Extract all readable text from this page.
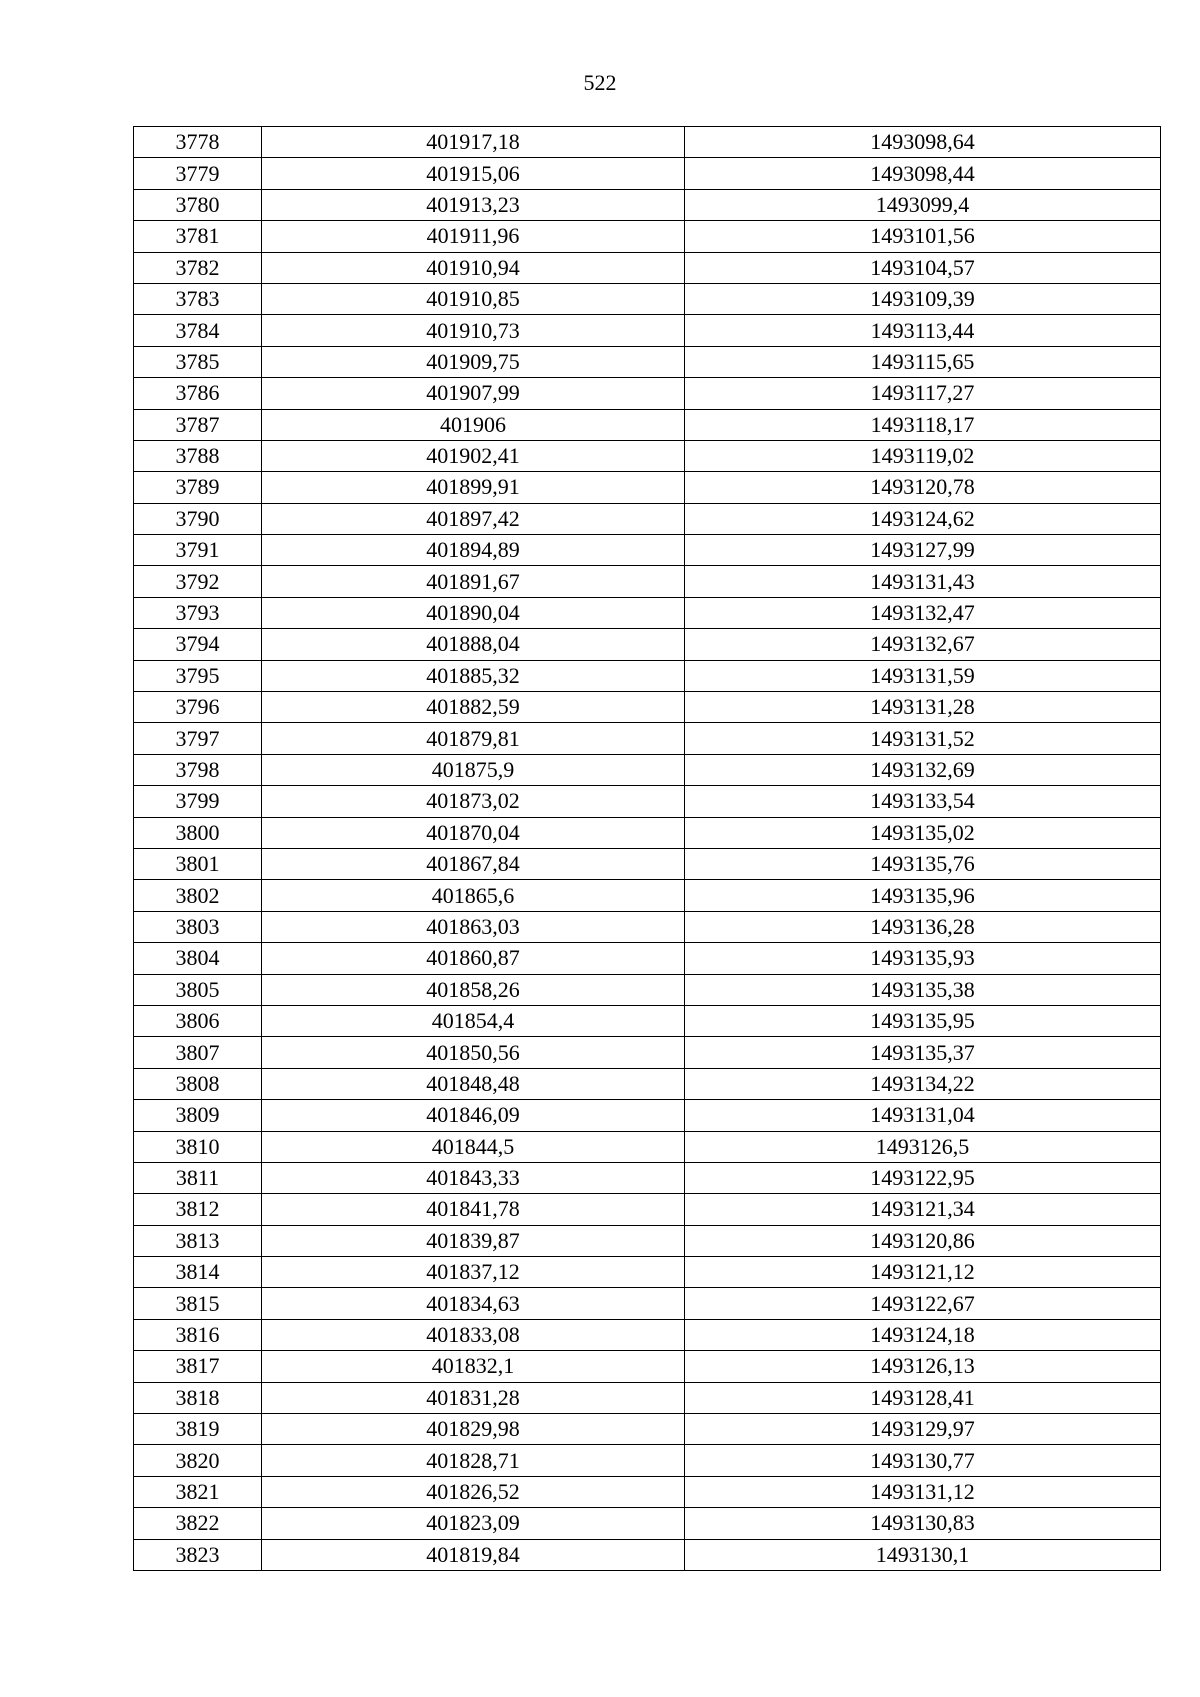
522
3778	401917,18	1493098,64
3779	401915,06	1493098,44
3780	401913,23	1493099,4
3781	401911,96	1493101,56
3782	401910,94	1493104,57
3783	401910,85	1493109,39
3784	401910,73	1493113,44
3785	401909,75	1493115,65
3786	401907,99	1493117,27
3787	401906	1493118,17
3788	401902,41	1493119,02
3789	401899,91	1493120,78
3790	401897,42	1493124,62
3791	401894,89	1493127,99
3792	401891,67	1493131,43
3793	401890,04	1493132,47
3794	401888,04	1493132,67
3795	401885,32	1493131,59
3796	401882,59	1493131,28
3797	401879,81	1493131,52
3798	401875,9	1493132,69
3799	401873,02	1493133,54
3800	401870,04	1493135,02
3801	401867,84	1493135,76
3802	401865,6	1493135,96
3803	401863,03	1493136,28
3804	401860,87	1493135,93
3805	401858,26	1493135,38
3806	401854,4	1493135,95
3807	401850,56	1493135,37
3808	401848,48	1493134,22
3809	401846,09	1493131,04
3810	401844,5	1493126,5
3811	401843,33	1493122,95
3812	401841,78	1493121,34
3813	401839,87	1493120,86
3814	401837,12	1493121,12
3815	401834,63	1493122,67
3816	401833,08	1493124,18
3817	401832,1	1493126,13
3818	401831,28	1493128,41
3819	401829,98	1493129,97
3820	401828,71	1493130,77
3821	401826,52	1493131,12
3822	401823,09	1493130,83
3823	401819,84	1493130,1
